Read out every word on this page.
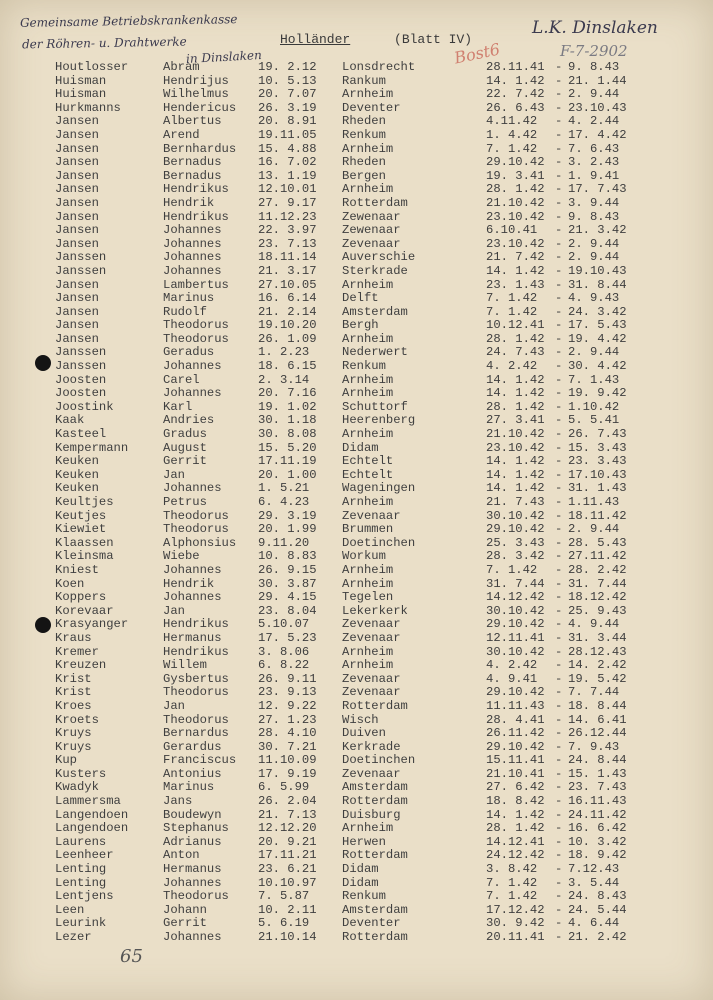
Gemeinsame Betriebskrankenkasse
der Röhren- u. Drahtwerke
in Dinslaken
L.K. Dinslaken
F-7-2902
Bost6
Holländer	(Blatt IV)
Houtlosser	Abram	19. 2.12 Lonsdrecht	28.11.41 - 9. 8.43
Huisman	Hendrijus 10. 5.13 Rankum	14. 1.42 - 21. 1.44
Huisman	Wilhelmus 20. 7.07 Arnheim	22. 7.42 - 2. 9.44
Hurkmanns	Hendericus 26. 3.19 Deventer	26. 6.43 - 23.10.43
Jansen	Albertus	20. 8.91 Rheden	4.11.42 - 4. 2.44
Jansen	Arend	19.11.05 Renkum	1. 4.42 - 17. 4.42
Jansen	Bernhardus 15. 4.88 Arnheim	7. 1.42 - 7. 6.43
Jansen	Bernadus	16. 7.02 Rheden	29.10.42 - 3. 2.43
Jansen	Bernadus	13. 1.19 Bergen	19. 3.41 - 1. 9.41
Jansen	Hendrikus 12.10.01 Arnheim	28. 1.42 - 17. 7.43
Jansen	Hendrik	27. 9.17 Rotterdam	21.10.42 - 3. 9.44
Jansen	Hendrikus 11.12.23 Zewenaar	23.10.42 - 9. 8.43
Jansen	Johannes	22. 3.97 Zewenaar	6.10.41 - 21. 3.42
Jansen	Johannes	23. 7.13 Zevenaar	23.10.42 - 2. 9.44
Janssen	Johannes	18.11.14 Auverschie	21. 7.42 - 2. 9.44
Janssen	Johannes	21. 3.17 Sterkrade	14. 1.42 - 19.10.43
Jansen	Lambertus 27.10.05 Arnheim	23. 1.43 - 31. 8.44
Jansen	Marinus	16. 6.14 Delft	7. 1.42 - 4. 9.43
Jansen	Rudolf	21. 2.14 Amsterdam	7. 1.42 - 24. 3.42
Jansen	Theodorus 19.10.20 Bergh	10.12.41 - 17. 5.43
Jansen	Theodorus 26. 1.09 Arnheim	28. 1.42 - 19. 4.42
Janssen	Geradus	1. 2.23	Nederwert	24. 7.43 - 2. 9.44
Janssen	Johannes	18. 6.15 Renkum	4. 2.42 - 30. 4.42
Joosten	Carel	2. 3.14	Arnheim	14. 1.42 - 7. 1.43
Joosten	Johannes	20. 7.16 Arnheim	14. 1.42 - 19. 9.42
Joostink	Karl	19. 1.02 Schuttorf	28. 1.42 - 1.10.42
Kaak	Andries	30. 1.18 Heerenberg	27. 3.41 - 5. 5.41
Kasteel	Gradus	30. 8.08 Arnheim	21.10.42 - 26. 7.43
Kempermann	August	15. 5.20 Didam	23.10.42 - 15. 3.43
Keuken	Gerrit	17.11.19 Echtelt	14. 1.42 - 23. 3.43
Keuken	Jan	20. 1.00 Echtelt	14. 1.42 - 17.10.43
Keuken	Johannes	1. 5.21	Wageningen	14. 1.42 - 31. 1.43
Keultjes	Petrus	6. 4.23	Arnheim	21. 7.43 - 1.11.43
Keutjes	Theodorus 29. 3.19 Zevenaar	30.10.42 - 18.11.42
Kiewiet	Theodorus 20. 1.99 Brummen	29.10.42 - 2. 9.44
Klaassen	Alphonsius 9.11.20	Doetinchen	25. 3.43 - 28. 5.43
Kleinsma	Wiebe	10. 8.83 Workum	28. 3.42 - 27.11.42
Kniest	Johannes	26. 9.15 Arnheim	7. 1.42 - 28. 2.42
Koen	Hendrik	30. 3.87 Arnheim	31. 7.44 - 31. 7.44
Koppers	Johannes	29. 4.15 Tegelen	14.12.42 - 18.12.42
Korevaar	Jan	23. 8.04 Lekerkerk	30.10.42 - 25. 9.43
Krasyanger	Hendrikus 5.10.07	Zevenaar	29.10.42 - 4. 9.44
Kraus	Hermanus	17. 5.23 Zevenaar	12.11.41 - 31. 3.44
Kremer	Hendrikus 3. 8.06	Arnheim	30.10.42 - 28.12.43
Kreuzen	Willem	6. 8.22	Arnheim	4. 2.42 - 14. 2.42
Krist	Gysbertus 26. 9.11 Zevenaar	4. 9.41 - 19. 5.42
Krist	Theodorus 23. 9.13 Zevenaar	29.10.42 - 7. 7.44
Kroes	Jan	12. 9.22 Rotterdam	11.11.43 - 18. 8.44
Kroets	Theodorus 27. 1.23 Wisch	28. 4.41 - 14. 6.41
Kruys	Bernardus 28. 4.10 Duiven	26.11.42 - 26.12.44
Kruys	Gerardus	30. 7.21 Kerkrade	29.10.42 - 7. 9.43
Kup	Franciscus 11.10.09 Doetinchen	15.11.41 - 24. 8.44
Kusters	Antonius	17. 9.19 Zevenaar	21.10.41 - 15. 1.43
Kwadyk	Marinus	6. 5.99	Amsterdam	27. 6.42 - 23. 7.43
Lammersma	Jans	26. 2.04 Rotterdam	18. 8.42 - 16.11.43
Langendoen	Boudewyn	21. 7.13 Duisburg	14. 1.42 - 24.11.42
Langendoen	Stephanus 12.12.20 Arnheim	28. 1.42 - 16. 6.42
Laurens	Adrianus	20. 9.21 Herwen	14.12.41 - 10. 3.42
Leenheer	Anton	17.11.21 Rotterdam	24.12.42 - 18. 9.42
Lenting	Hermanus	23. 6.21 Didam	3. 8.42 - 7.12.43
Lenting	Johannes	10.10.97 Didam	7. 1.42 - 3. 5.44
Lentjens	Theodorus 7. 5.87	Renkum	7. 1.42 - 24. 8.43
Leen	Johann	10. 2.11 Amsterdam	17.12.42 - 24. 5.44
Leurink	Gerrit	5. 6.19	Deventer	30. 9.42 - 4. 6.44
Lezer	Johannes	21.10.14 Rotterdam	20.11.41 - 21. 2.42
65
